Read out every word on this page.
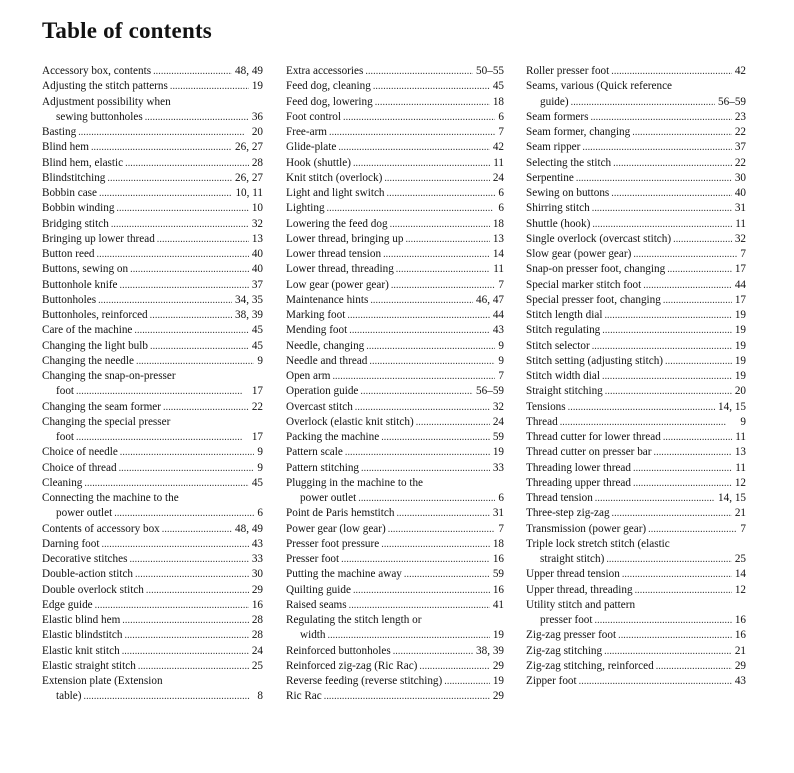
Table of contents
Accessory box, contents . . .	48, 49
Adjusting the stitch patterns . . .	19
Adjustment possibility when
sewing buttonholes . . .	36
Basting . . .	20
Blind hem . . .	26, 27
Blind hem, elastic . . .	28
Blindstitching . . .	26, 27
Bobbin case . . .	10, 11
Bobbin winding . . .	10
Bridging stitch . . .	32
Bringing up lower thread . . .	13
Button reed . . .	40
Buttons, sewing on . . .	40
Buttonhole knife . . .	37
Buttonholes . . .	34, 35
Buttonholes, reinforced . . .	38, 39
Care of the machine . . .	45
Changing the light bulb . . .	45
Changing the needle . . .	9
Changing the snap-on-presser
foot . . .	17
Changing the seam former . . .	22
Changing the special presser
foot . . .	17
Choice of needle . . .	9
Choice of thread . . .	9
Cleaning . . .	45
Connecting the machine to the
power outlet . . .	6
Contents of accessory box . . .	48, 49
Darning foot . . .	43
Decorative stitches . . .	33
Double-action stitch . . .	30
Double overlock stitch . . .	29
Edge guide . . .	16
Elastic blind hem . . .	28
Elastic blindstitch . . .	28
Elastic knit stitch . . .	24
Elastic straight stitch . . .	25
Extension plate (Extension
table) . . .	8
Extra accessories . . .	50–55
Feed dog, cleaning . . .	45
Feed dog, lowering . . .	18
Foot control . . .	6
Free-arm . . .	7
Glide-plate . . .	42
Hook (shuttle) . . .	11
Knit stitch (overlock) . . .	24
Light and light switch . . .	6
Lighting . . .	6
Lowering the feed dog . . .	18
Lower thread, bringing up . . .	13
Lower thread tension . . .	14
Lower thread, threading . . .	11
Low gear (power gear) . . .	7
Maintenance hints . . .	46, 47
Marking foot . . .	44
Mending foot . . .	43
Needle, changing . . .	9
Needle and thread . . .	9
Open arm . . .	7
Operation guide . . .	56–59
Overcast stitch . . .	32
Overlock (elastic knit stitch) . . .	24
Packing the machine . . .	59
Pattern scale . . .	19
Pattern stitching . . .	33
Plugging in the machine to the
power outlet . . .	6
Point de Paris hemstitch . . .	31
Power gear (low gear) . . .	7
Presser foot pressure . . .	18
Presser foot . . .	16
Putting the machine away . . .	59
Quilting guide . . .	16
Raised seams . . .	41
Regulating the stitch length or
width . . .	19
Reinforced buttonholes . . .	38, 39
Reinforced zig-zag (Ric Rac) . . .	29
Reverse feeding (reverse stitching) . . .	19
Ric Rac . . .	29
Roller presser foot . . .	42
Seams, various (Quick reference
guide) . . .	56–59
Seam formers . . .	23
Seam former, changing . . .	22
Seam ripper . . .	37
Selecting the stitch . . .	22
Serpentine . . .	30
Sewing on buttons . . .	40
Shirring stitch . . .	31
Shuttle (hook) . . .	11
Single overlock (overcast stitch) . . .	32
Slow gear (power gear) . . .	7
Snap-on presser foot, changing . . .	17
Special marker stitch foot . . .	44
Special presser foot, changing . . .	17
Stitch length dial . . .	19
Stitch regulating . . .	19
Stitch selector . . .	19
Stitch setting (adjusting stitch) . . .	19
Stitch width dial . . .	19
Straight stitching . . .	20
Tensions . . .	14, 15
Thread . . .	9
Thread cutter for lower thread . . .	11
Thread cutter on presser bar . . .	13
Threading lower thread . . .	11
Threading upper thread . . .	12
Thread tension . . .	14, 15
Three-step zig-zag . . .	21
Transmission (power gear) . . .	7
Triple lock stretch stitch (elastic
straight stitch) . . .	25
Upper thread tension . . .	14
Upper thread, threading . . .	12
Utility stitch and pattern
presser foot . . .	16
Zig-zag presser foot . . .	16
Zig-zag stitching . . .	21
Zig-zag stitching, reinforced . . .	29
Zipper foot . . .	43
